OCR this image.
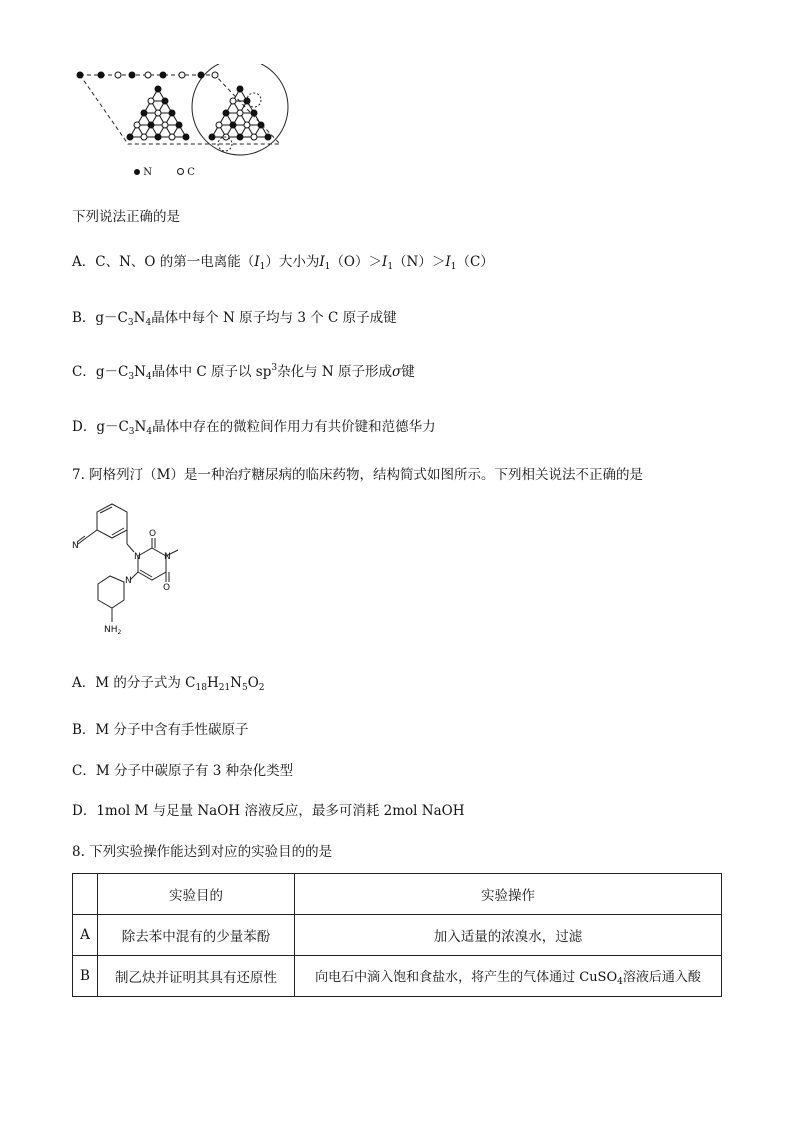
N	C
下列说法正确的是
A．C、N、O 的第一电离能$(I_1)$大小为$I_1(O)>I_1(N)>I_1(C)$
B．$g-C_3N_4$晶体中每个 N 原子均与 3 个 C 原子成键
C．$g-C_3N_4$晶体中 C 原子以 $sp^3$杂化与 N 原子形成σ键
D．$g-C_3N_4$晶体中存在的微粒间作用力有共价键和范德华力
7. 阿格列汀（M）是一种治疗糖尿病的临床药物，结构简式如图所示。下列相关说法不正确的是
N
N	N
O
O
N
$NH_2$
A．M 的分子式为 $C_{18}H_{21}N_5O_2$
B．M 分子中含有手性碳原子
C．M 分子中碳原子有 3 种杂化类型
D．1mol M 与足量 NaOH 溶液反应，最多可消耗 2mol NaOH
8. 下列实验操作能达到对应的实验目的的是
	实验目的	实验操作
A	除去苯中混有的少量苯酚	加入适量的浓溴水，过滤
B	制乙炔并证明其具有还原性	向电石中滴入饱和食盐水，将产生的气体通过 CuSO$_4$溶液后通入酸
